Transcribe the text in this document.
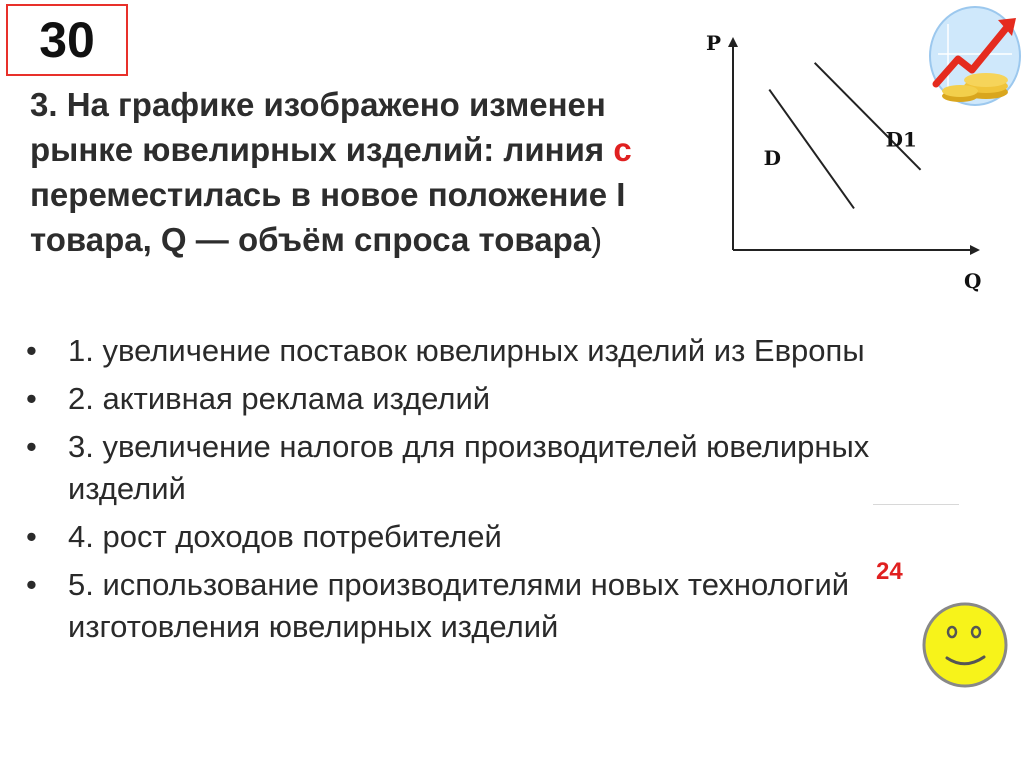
30
3. На графике изображено изменен
рынке ювелирных изделий: линия с
переместилась в новое положение I
товара, Q — объём спроса товара)
P
Q
D
D1
•	1. увеличение поставок ювелирных изделий из Европы
•	2. активная реклама изделий
•	3. увеличение налогов для производителей ювелирных изделий
•	4. рост доходов потребителей
•	5. использование производителями новых технологий изготовления ювелирных изделий
24
